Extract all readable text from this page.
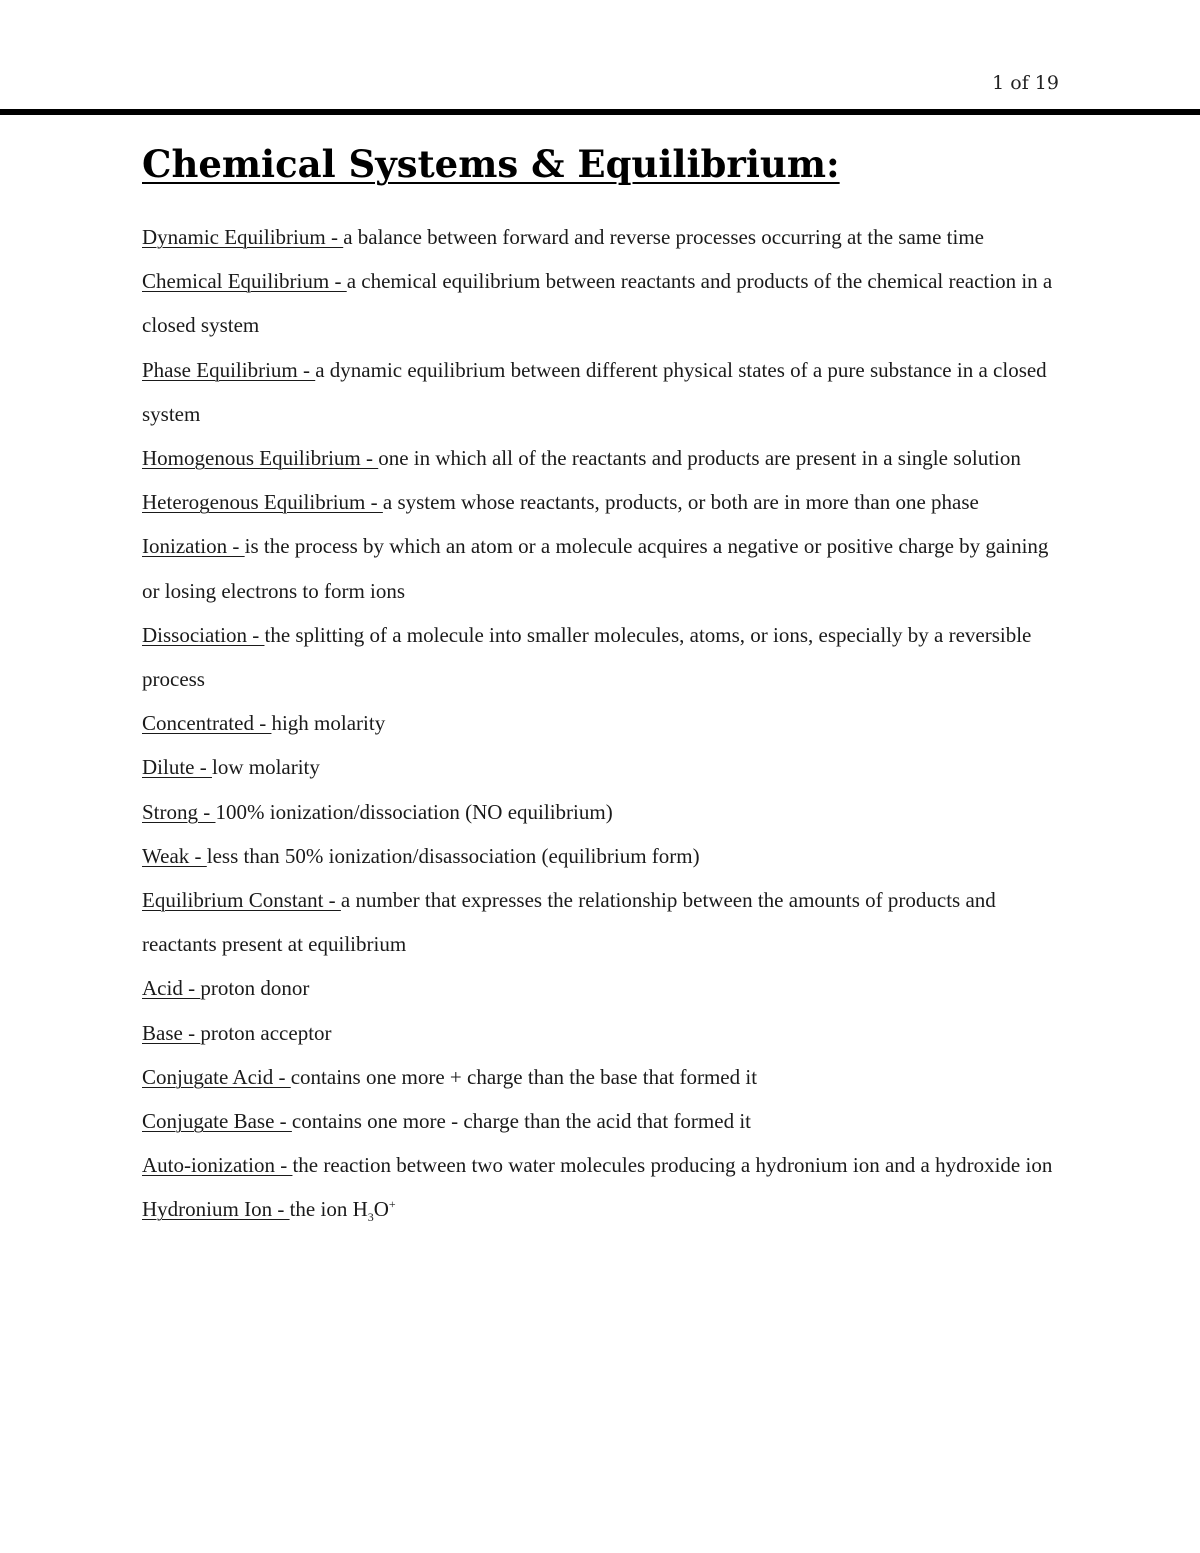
1 of 19
Chemical Systems & Equilibrium:
Dynamic Equilibrium - a balance between forward and reverse processes occurring at the same time
Chemical Equilibrium - a chemical equilibrium between reactants and products of the chemical reaction in a closed system
Phase Equilibrium - a dynamic equilibrium between different physical states of a pure substance in a closed system
Homogenous Equilibrium - one in which all of the reactants and products are present in a single solution
Heterogenous Equilibrium - a system whose reactants, products, or both are in more than one phase
Ionization - is the process by which an atom or a molecule acquires a negative or positive charge by gaining or losing electrons to form ions
Dissociation - the splitting of a molecule into smaller molecules, atoms, or ions, especially by a reversible process
Concentrated - high molarity
Dilute - low molarity
Strong - 100% ionization/dissociation (NO equilibrium)
Weak - less than 50% ionization/disassociation (equilibrium form)
Equilibrium Constant - a number that expresses the relationship between the amounts of products and reactants present at equilibrium
Acid - proton donor
Base - proton acceptor
Conjugate Acid - contains one more + charge than the base that formed it
Conjugate Base - contains one more - charge than the acid that formed it
Auto-ionization - the reaction between two water molecules producing a hydronium ion and a hydroxide ion
Hydronium Ion - the ion $H_3O^+$
